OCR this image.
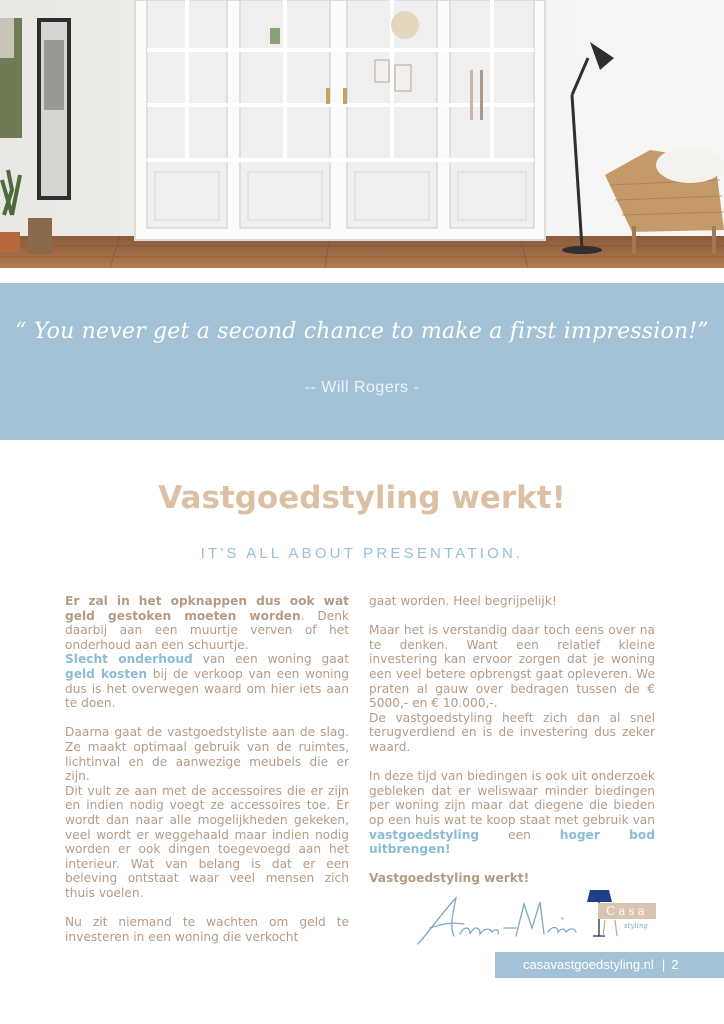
“ You never get a second chance to make a first impression!”
-- Will Rogers -
Vastgoedstyling werkt!
IT'S ALL ABOUT PRESENTATION.

Er zal in het opknappen dus ook wat geld gestoken moeten worden. Denk daarbij aan een muurtje verven of het onderhoud aan een schuurtje.

Slecht onderhoud van een woning gaat geld kosten bij de verkoop van een woning dus is het overwegen waard om hier iets aan te doen.

Daarna gaat de vastgoedstyliste aan de slag. Ze maakt optimaal gebruik van de ruimtes, lichtinval en de aanwezige meubels die er zijn.

Dit vult ze aan met de accessoires die er zijn en indien nodig voegt ze accessoires toe. Er wordt dan naar alle mogelijkheden gekeken, veel wordt er weggehaald maar indien nodig worden er ook dingen toegevoegd aan het interieur. Wat van belang is dat er een beleving ontstaat waar veel mensen zich thuis voelen.

Nu zit niemand te wachten om geld te investeren in een woning die verkocht

gaat worden. Heel begrijpelijk!

Maar het is verstandig daar toch eens over na te denken. Want een relatief kleine investering kan ervoor zorgen dat je woning een veel betere opbrengst gaat opleveren. We praten al gauw over bedragen tussen de € 5000,- en € 10.000,-.

De vastgoedstyling heeft zich dan al snel terugverdiend en is de investering dus zeker waard.

In deze tijd van biedingen is ook uit onderzoek gebleken dat er weliswaar minder biedingen per woning zijn maar dat diegene die bieden op een huis wat te koop staat met gebruik van vastgoedstyling een hoger bod uitbrengen!

Vastgoedstyling werkt!

Casa
styling
casavastgoedstyling.nl | 2
